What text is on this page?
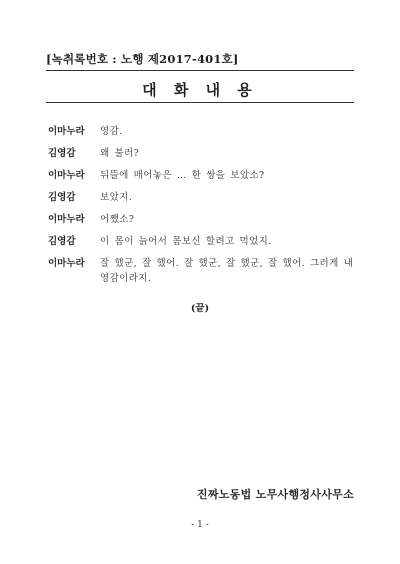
[녹취록번호 : 노행 제2017-401호]
대 화 내 용
이마누라	영감.
김영감	왜 불러?
이마누라	뒤뜰에 매어놓은 … 한 쌍을 보았소?
김영감	보았지.
이마누라	어쨌소?
김영감	이 몸이 늙어서 몸보신 할려고 먹었지.
이마누라	잘 했군, 잘 했어. 잘 했군, 잘 했군, 잘 했어. 그러게 내 영감이라지.
(끝)
진짜노동법 노무사행정사사무소
- 1 -
